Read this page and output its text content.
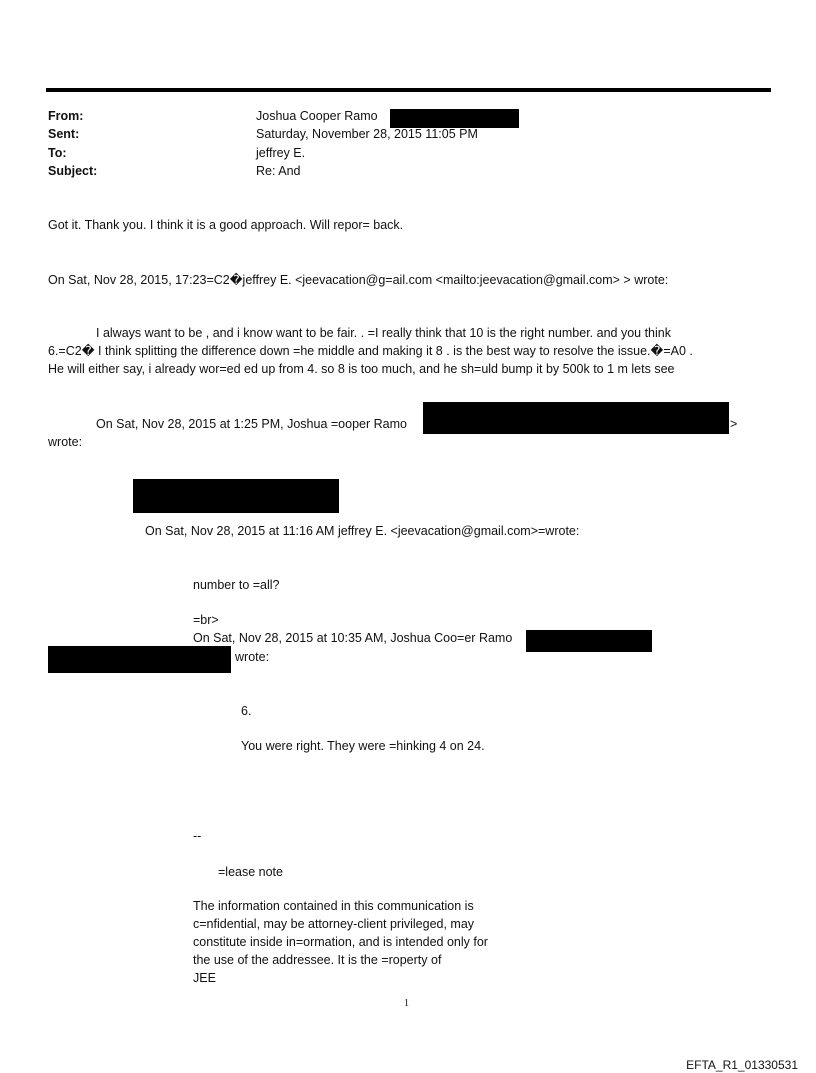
From:	Joshua Cooper Ramo
Sent:	Saturday, November 28, 2015 11:05 PM
To:	jeffrey E.
Subject:	Re: And
Got it. Thank you. I think it is a good approach. Will repor= back.
On Sat, Nov 28, 2015, 17:23=C2�jeffrey E. <jeevacation@g=ail.com <mailto:jeevacation@gmail.com> > wrote:
I always want to be , and i know want to be fair. . =I really think that 10 is the right number. and you think
6.=C2� I think splitting the difference down =he middle and making it 8 . is the best way to resolve the issue.�=A0 .
He will either say, i already wor=ed ed up from 4. so 8 is too much, and he sh=uld bump it by 500k to 1 m lets see
On Sat, Nov 28, 2015 at 1:25 PM, Joshua =ooper Ramo	>
wrote:
On Sat, Nov 28, 2015 at 11:16 AM jeffrey E. <jeevacation@gmail.com>=wrote:
number to =all?
=br>
On Sat, Nov 28, 2015 at 10:35 AM, Joshua Coo=er Ramo
wrote:
6.
You were right. They were =hinking 4 on 24.
--
=lease note
The information contained in this communication is
c=nfidential, may be attorney-client privileged, may
constitute inside in=ormation, and is intended only for
the use of the addressee. It is the =roperty of
JEE
1
EFTA_R1_01330531
